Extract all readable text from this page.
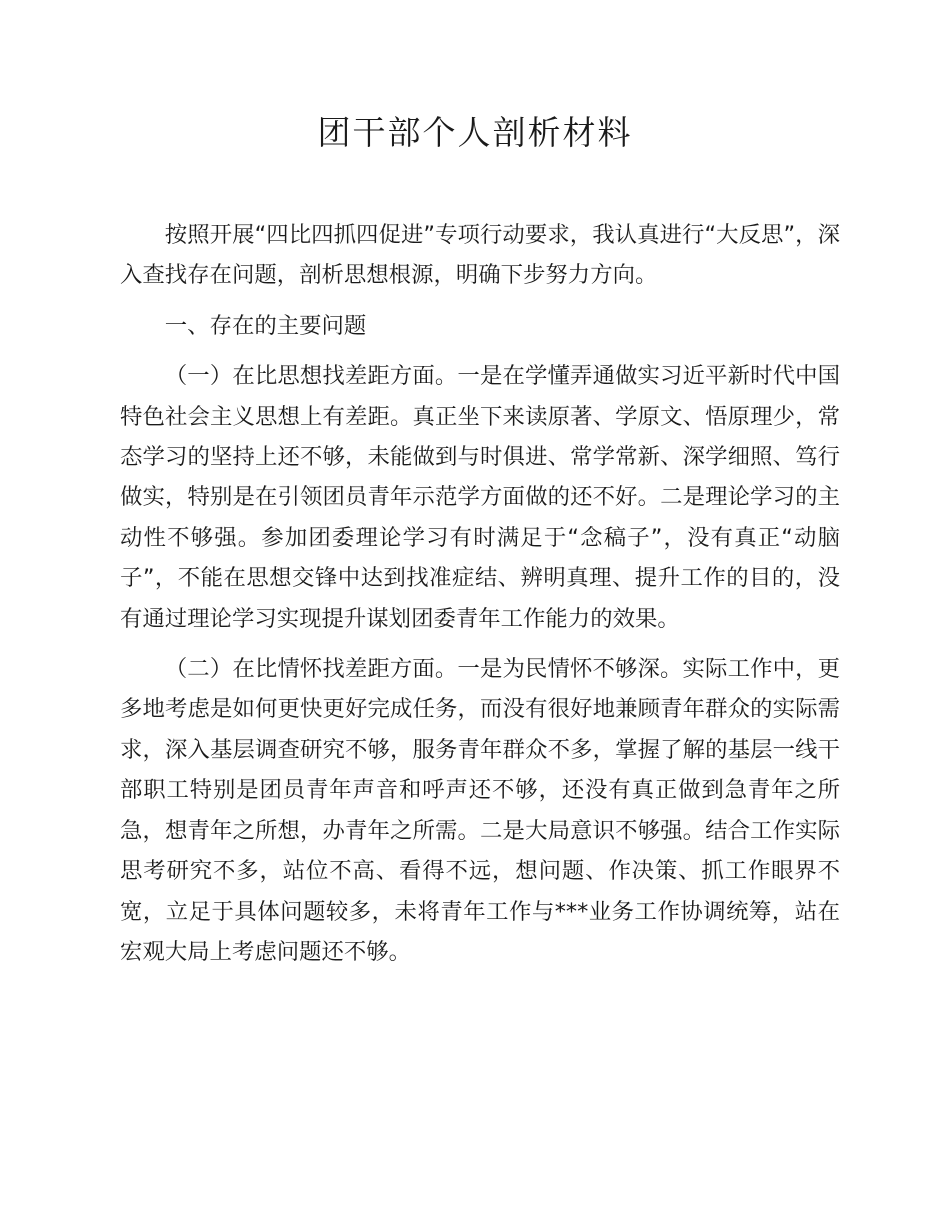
团干部个人剖析材料

按照开展“四比四抓四促进”专项行动要求，我认真进行“大反思”，深入查找存在问题，剖析思想根源，明确下步努力方向。

一、存在的主要问题

（一）在比思想找差距方面。一是在学懂弄通做实习近平新时代中国特色社会主义思想上有差距。真正坐下来读原著、学原文、悟原理少，常态学习的坚持上还不够，未能做到与时俱进、常学常新、深学细照、笃行做实，特别是在引领团员青年示范学方面做的还不好。二是理论学习的主动性不够强。参加团委理论学习有时满足于“念稿子”，没有真正“动脑子”，不能在思想交锋中达到找准症结、辨明真理、提升工作的目的，没有通过理论学习实现提升谋划团委青年工作能力的效果。

（二）在比情怀找差距方面。一是为民情怀不够深。实际工作中，更多地考虑是如何更快更好完成任务，而没有很好地兼顾青年群众的实际需求，深入基层调查研究不够，服务青年群众不多，掌握了解的基层一线干部职工特别是团员青年声音和呼声还不够，还没有真正做到急青年之所急，想青年之所想，办青年之所需。二是大局意识不够强。结合工作实际思考研究不多，站位不高、看得不远，想问题、作决策、抓工作眼界不宽，立足于具体问题较多，未将青年工作与***业务工作协调统筹，站在宏观大局上考虑问题还不够。
